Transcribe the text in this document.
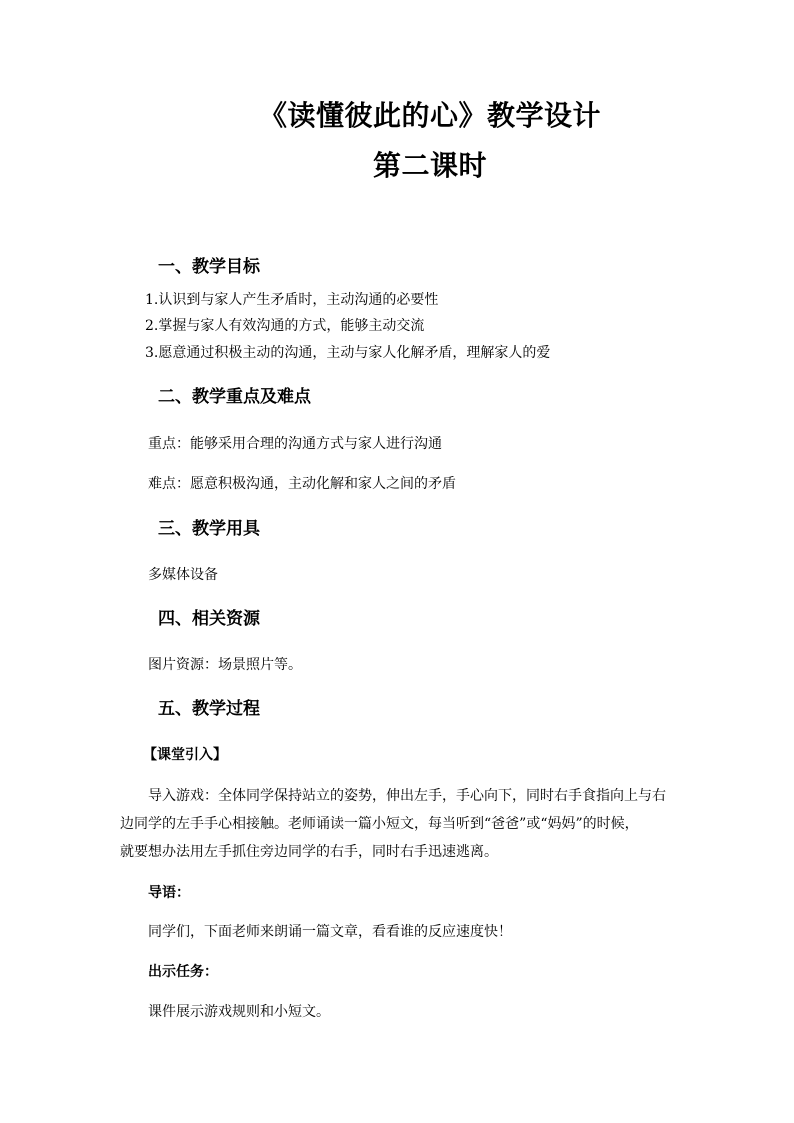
《读懂彼此的心》教学设计
第二课时
一、教学目标
1.认识到与家人产生矛盾时，主动沟通的必要性
2.掌握与家人有效沟通的方式，能够主动交流
3.愿意通过积极主动的沟通，主动与家人化解矛盾，理解家人的爱
二、教学重点及难点
重点：能够采用合理的沟通方式与家人进行沟通
难点：愿意积极沟通，主动化解和家人之间的矛盾
三、教学用具
多媒体设备
四、相关资源
图片资源：场景照片等。
五、教学过程
【课堂引入】
导入游戏：全体同学保持站立的姿势，伸出左手，手心向下，同时右手食指向上与右
边同学的左手手心相接触。老师诵读一篇小短文，每当听到“爸爸”或“妈妈”的时候，
就要想办法用左手抓住旁边同学的右手，同时右手迅速逃离。
导语：
同学们，下面老师来朗诵一篇文章，看看谁的反应速度快！
出示任务：
课件展示游戏规则和小短文。
